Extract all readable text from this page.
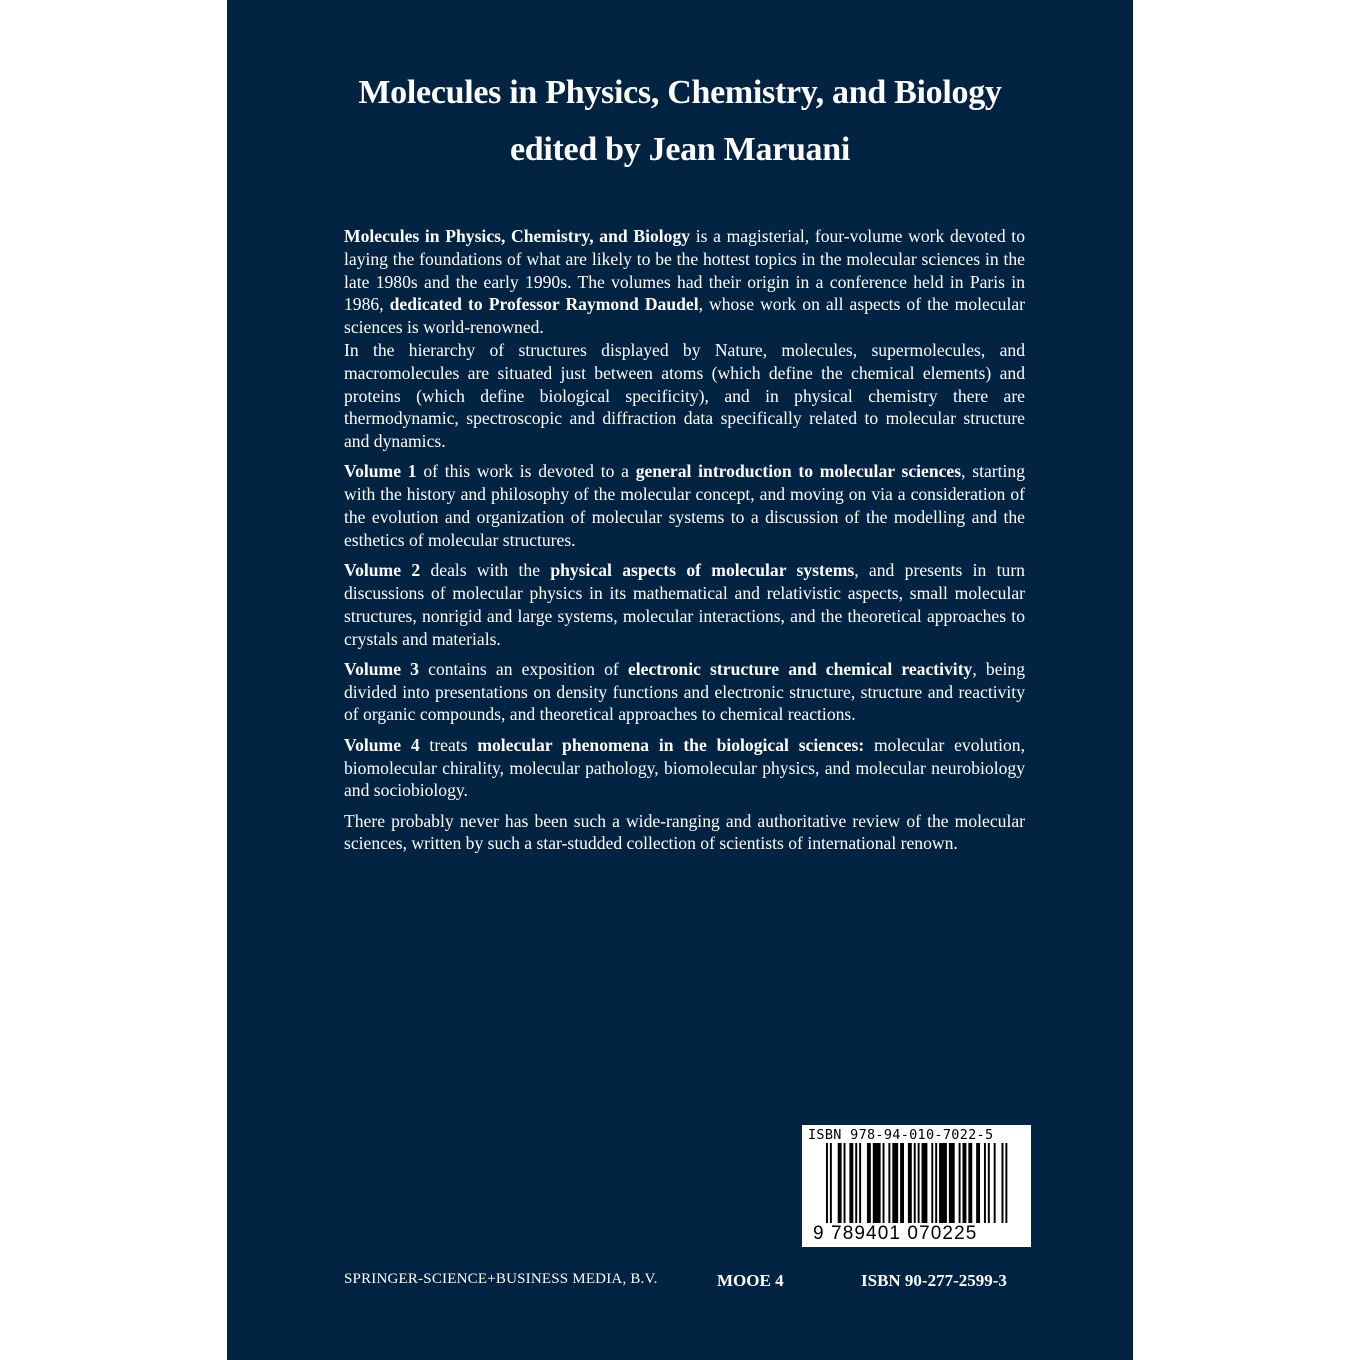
Molecules in Physics, Chemistry, and Biology
edited by Jean Maruani

Molecules in Physics, Chemistry, and Biology is a magisterial, four-volume work devoted to laying the foundations of what are likely to be the hottest topics in the molecular sciences in the late 1980s and the early 1990s. The volumes had their origin in a conference held in Paris in 1986, dedicated to Professor Raymond Daudel, whose work on all aspects of the molecular sciences is world-renowned.

In the hierarchy of structures displayed by Nature, molecules, supermolecules, and macromolecules are situated just between atoms (which define the chemical elements) and proteins (which define biological specificity), and in physical chemistry there are thermodynamic, spectroscopic and diffraction data specifically related to molecular structure and dynamics.

Volume 1 of this work is devoted to a general introduction to molecular sciences, starting with the history and philosophy of the molecular concept, and moving on via a consideration of the evolution and organization of molecular systems to a discussion of the modelling and the esthetics of molecular structures.

Volume 2 deals with the physical aspects of molecular systems, and presents in turn discussions of molecular physics in its mathematical and relativistic aspects, small molecular structures, nonrigid and large systems, molecular interactions, and the theoretical approaches to crystals and materials.

Volume 3 contains an exposition of electronic structure and chemical reactivity, being divided into presentations on density functions and electronic structure, structure and reactivity of organic compounds, and theoretical approaches to chemical reactions.

Volume 4 treats molecular phenomena in the biological sciences: molecular evolution, biomolecular chirality, molecular pathology, biomolecular physics, and molecular neurobiology and sociobiology.

There probably never has been such a wide-ranging and authoritative review of the molecular sciences, written by such a star-studded collection of scientists of international renown.

ISBN 978-94-010-7022-5
9 789401 070225
SPRINGER-SCIENCE+BUSINESS MEDIA, B.V.	MOOE 4	ISBN 90-277-2599-3
